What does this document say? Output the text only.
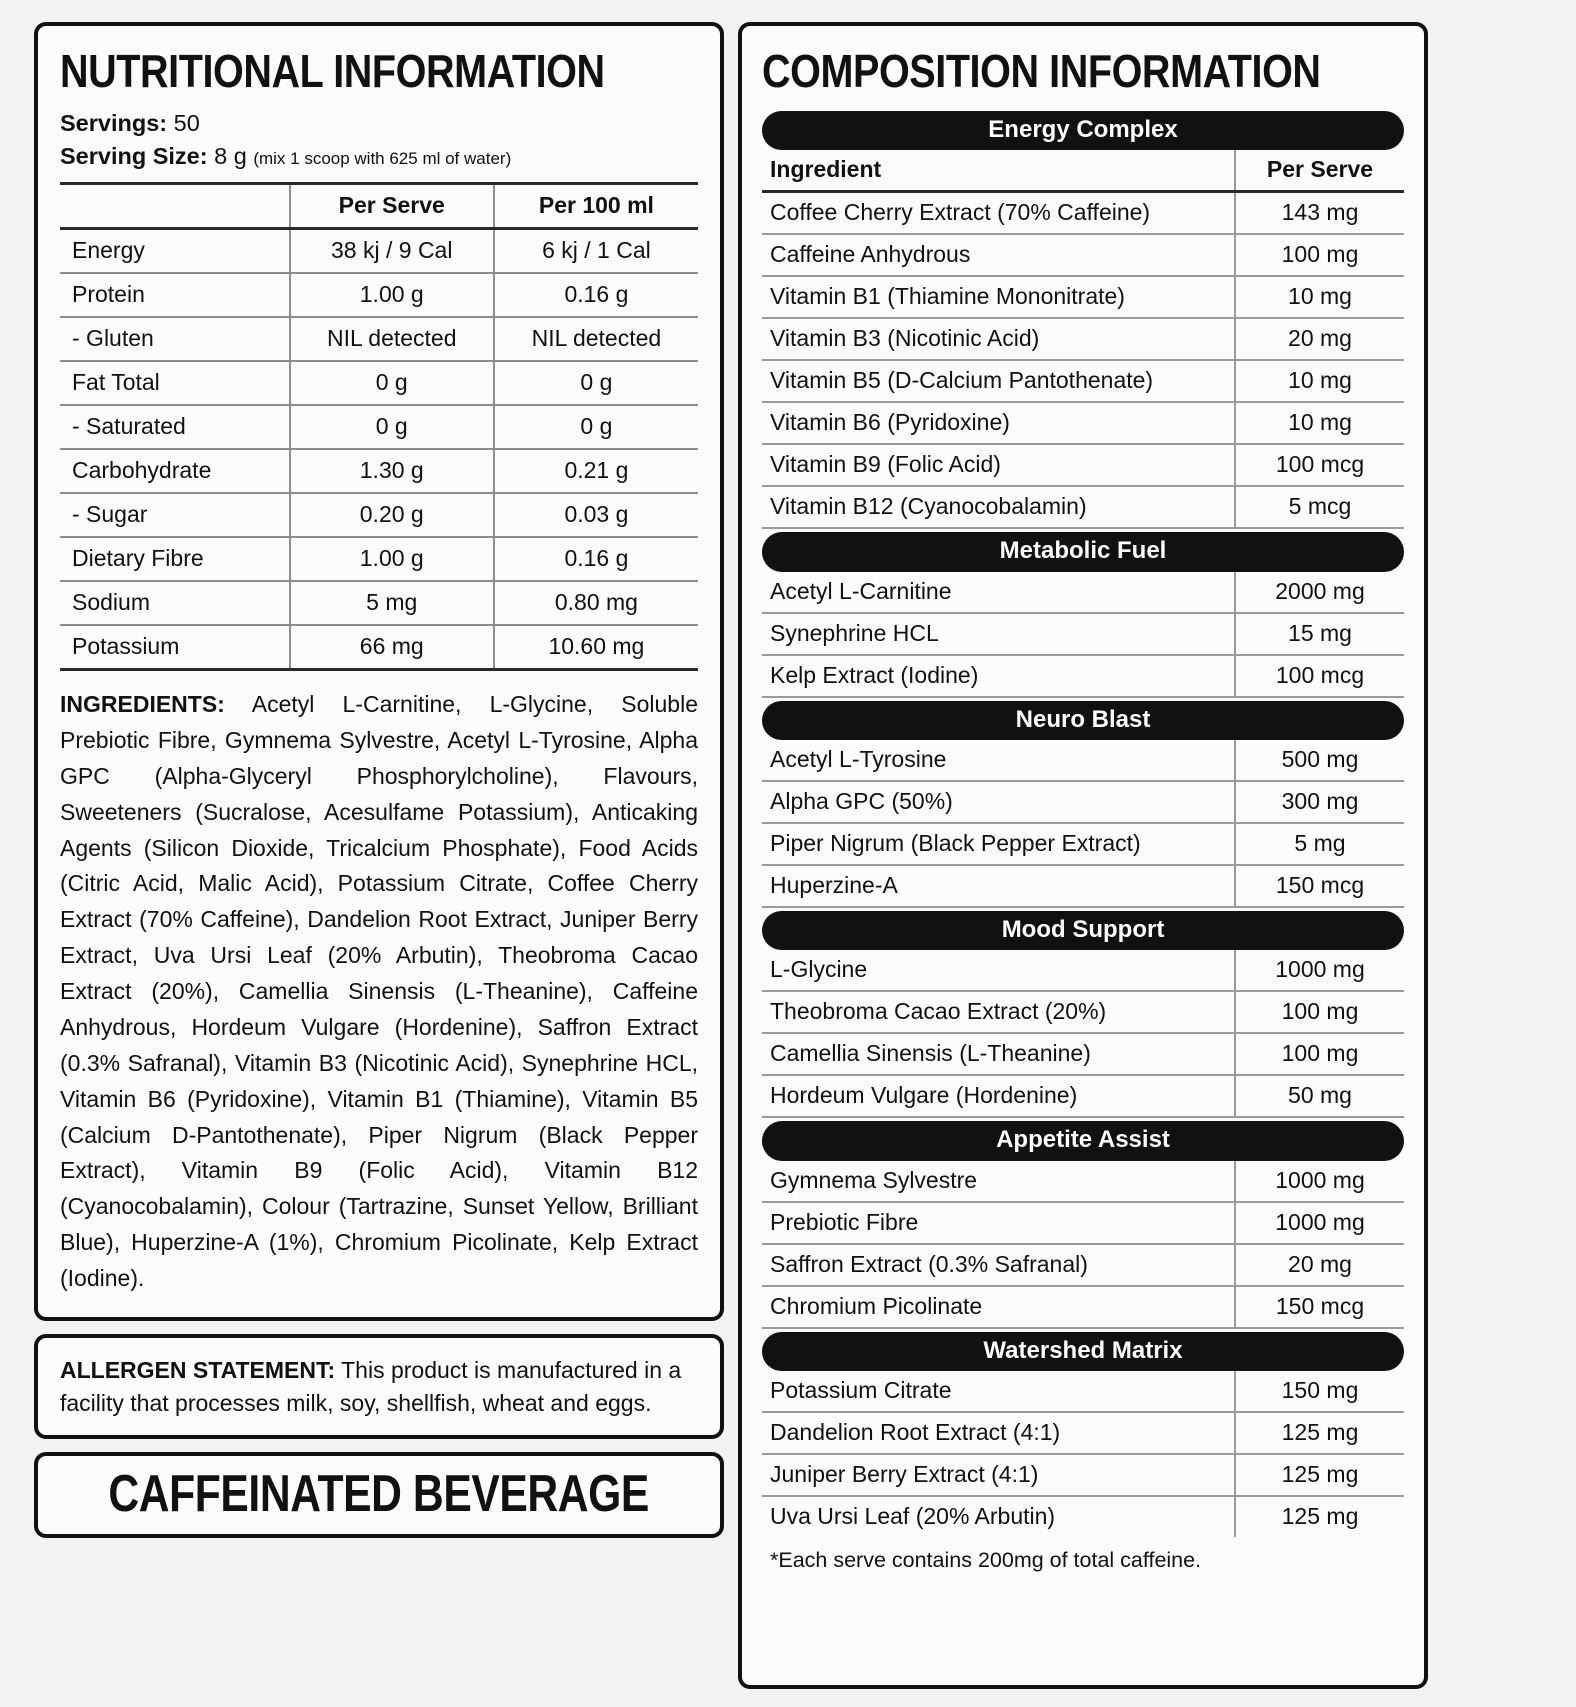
NUTRITIONAL INFORMATION
Servings: 50
Serving Size: 8 g (mix 1 scoop with 625 ml of water)
	Per Serve	Per 100 ml
Energy	38 kj / 9 Cal	6 kj / 1 Cal
Protein	1.00 g	0.16 g
- Gluten	NIL detected	NIL detected
Fat Total	0 g	0 g
- Saturated	0 g	0 g
Carbohydrate	1.30 g	0.21 g
- Sugar	0.20 g	0.03 g
Dietary Fibre	1.00 g	0.16 g
Sodium	5 mg	0.80 mg
Potassium	66 mg	10.60 mg
INGREDIENTS: Acetyl L-Carnitine, L-Glycine, Soluble Prebiotic Fibre, Gymnema Sylvestre, Acetyl L-Tyrosine, Alpha GPC (Alpha-Glyceryl Phosphorylcholine), Flavours, Sweeteners (Sucralose, Acesulfame Potassium), Anticaking Agents (Silicon Dioxide, Tricalcium Phosphate), Food Acids (Citric Acid, Malic Acid), Potassium Citrate, Coffee Cherry Extract (70% Caffeine), Dandelion Root Extract, Juniper Berry Extract, Uva Ursi Leaf (20% Arbutin), Theobroma Cacao Extract (20%), Camellia Sinensis (L-Theanine), Caffeine Anhydrous, Hordeum Vulgare (Hordenine), Saffron Extract (0.3% Safranal), Vitamin B3 (Nicotinic Acid), Synephrine HCL, Vitamin B6 (Pyridoxine), Vitamin B1 (Thiamine), Vitamin B5 (Calcium D-Pantothenate), Piper Nigrum (Black Pepper Extract), Vitamin B9 (Folic Acid), Vitamin B12 (Cyanocobalamin), Colour (Tartrazine, Sunset Yellow, Brilliant Blue), Huperzine-A (1%), Chromium Picolinate, Kelp Extract (Iodine).
ALLERGEN STATEMENT: This product is manufactured in a facility that processes milk, soy, shellfish, wheat and eggs.
CAFFEINATED BEVERAGE
COMPOSITION INFORMATION
Energy Complex
Ingredient	Per Serve
Coffee Cherry Extract (70% Caffeine)	143 mg
Caffeine Anhydrous	100 mg
Vitamin B1 (Thiamine Mononitrate)	10 mg
Vitamin B3 (Nicotinic Acid)	20 mg
Vitamin B5 (D-Calcium Pantothenate)	10 mg
Vitamin B6 (Pyridoxine)	10 mg
Vitamin B9 (Folic Acid)	100 mcg
Vitamin B12 (Cyanocobalamin)	5 mcg
Metabolic Fuel
Acetyl L-Carnitine	2000 mg
Synephrine HCL	15 mg
Kelp Extract (Iodine)	100 mcg
Neuro Blast
Acetyl L-Tyrosine	500 mg
Alpha GPC (50%)	300 mg
Piper Nigrum (Black Pepper Extract)	5 mg
Huperzine-A	150 mcg
Mood Support
L-Glycine	1000 mg
Theobroma Cacao Extract (20%)	100 mg
Camellia Sinensis (L-Theanine)	100 mg
Hordeum Vulgare (Hordenine)	50 mg
Appetite Assist
Gymnema Sylvestre	1000 mg
Prebiotic Fibre	1000 mg
Saffron Extract (0.3% Safranal)	20 mg
Chromium Picolinate	150 mcg
Watershed Matrix
Potassium Citrate	150 mg
Dandelion Root Extract (4:1)	125 mg
Juniper Berry Extract (4:1)	125 mg
Uva Ursi Leaf (20% Arbutin)	125 mg
*Each serve contains 200mg of total caffeine.
